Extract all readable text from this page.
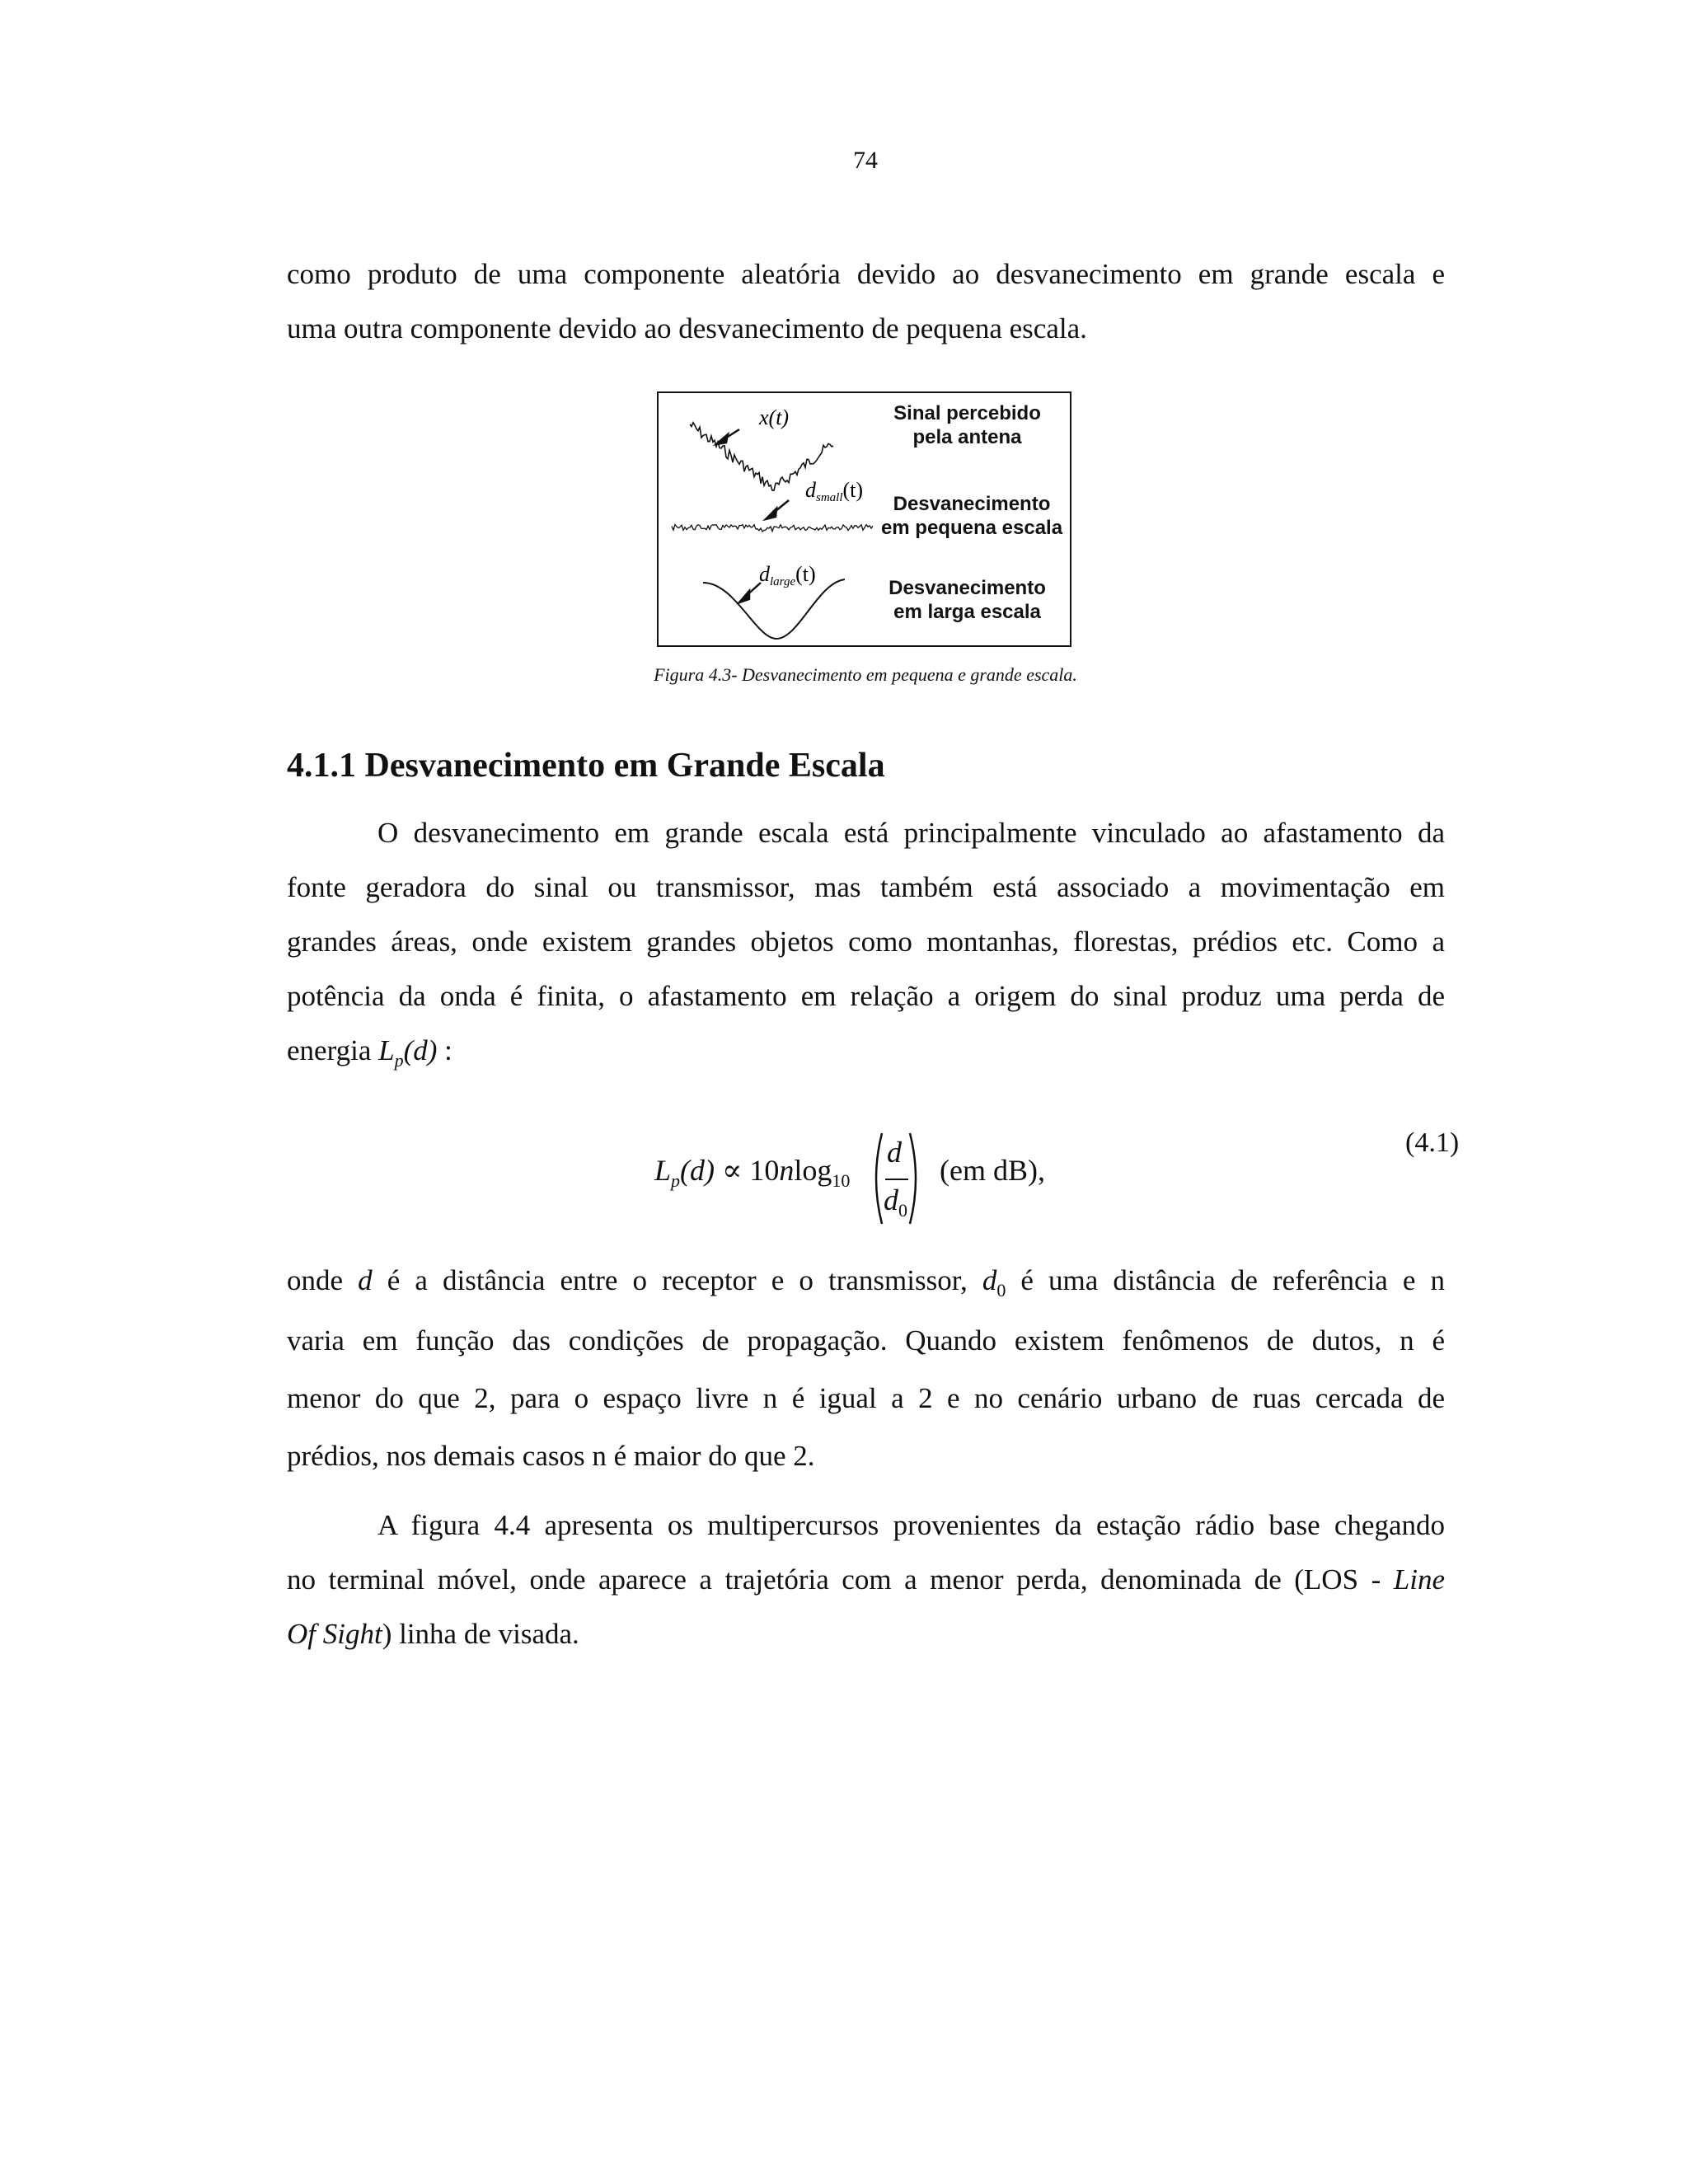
74
como produto de uma componente aleatória devido ao desvanecimento em grande escala e
uma outra componente devido ao desvanecimento de pequena escala.
x(t)
dsmall(t)
dlarge(t)
Sinal percebido
pela antena
Desvanecimento
em pequena escala
Desvanecimento
em larga escala
Figura 4.3- Desvanecimento em pequena e grande escala.
4.1.1 Desvanecimento em Grande Escala
O desvanecimento em grande escala está principalmente vinculado ao afastamento da
fonte geradora do sinal ou transmissor, mas também está associado a movimentação em
grandes áreas, onde existem grandes objetos como montanhas, florestas, prédios etc. Como a
potência da onda é finita, o afastamento em relação a origem do sinal produz uma perda de
energia $L_p(d)$ :
$L_p(d) \propto 10nlog_{10}$
d
$d_0$
(em dB),
(4.1)
onde d é a distância entre o receptor e o transmissor, $d_0$ é uma distância de referência e n
varia em função das condições de propagação. Quando existem fenômenos de dutos, n é
menor do que 2, para o espaço livre n é igual a 2 e no cenário urbano de ruas cercada de
prédios, nos demais casos n é maior do que 2.
A figura 4.4 apresenta os multipercursos provenientes da estação rádio base chegando
no terminal móvel, onde aparece a trajetória com a menor perda, denominada de (LOS - Line
Of Sight) linha de visada.
